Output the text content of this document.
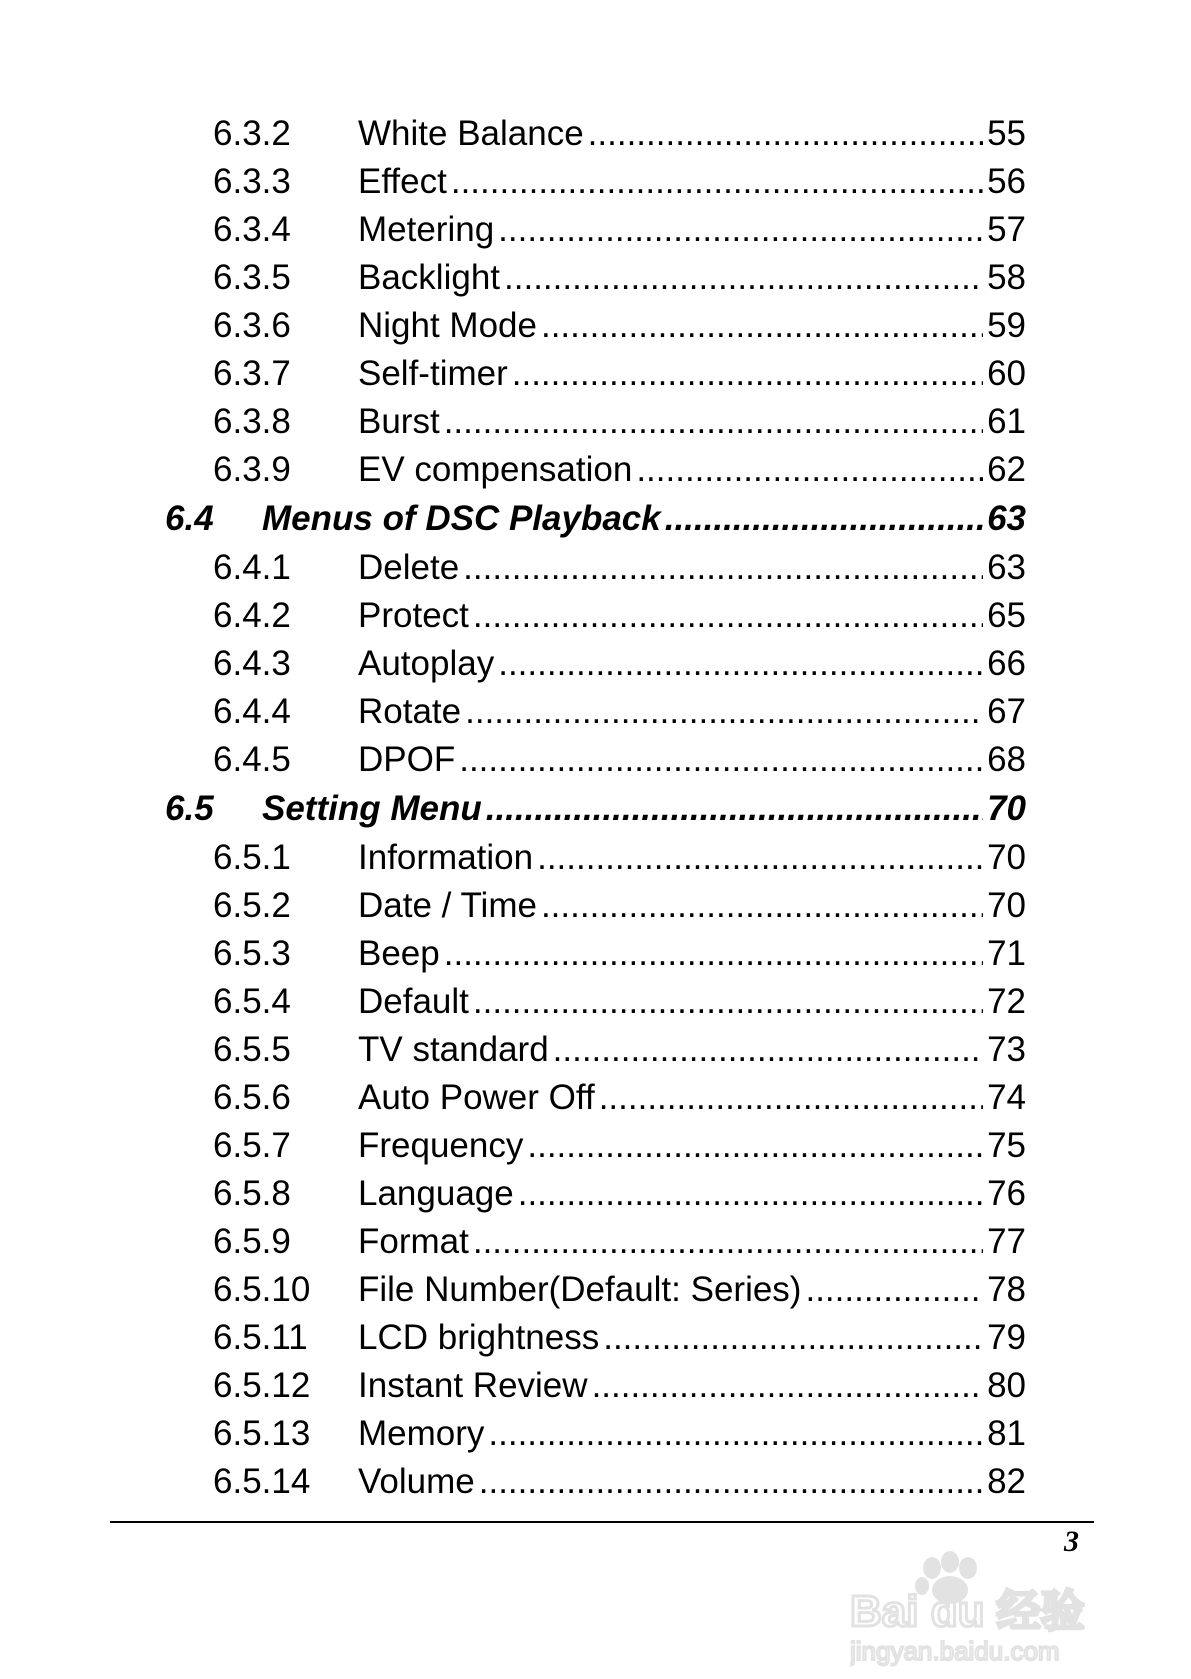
6.3.2 White Balance .....	55
6.3.3 Effect .....	56
6.3.4 Metering .....	57
6.3.5 Backlight .....	58
6.3.6 Night Mode .....	59
6.3.7 Self-timer .....	60
6.3.8 Burst .....	61
6.3.9 EV compensation .....	62
6.4 Menus of DSC Playback .....	63
6.4.1 Delete .....	63
6.4.2 Protect .....	65
6.4.3 Autoplay .....	66
6.4.4 Rotate .....	67
6.4.5 DPOF .....	68
6.5 Setting Menu .....	70
6.5.1 Information .....	70
6.5.2 Date / Time .....	70
6.5.3 Beep .....	71
6.5.4 Default .....	72
6.5.5 TV standard .....	73
6.5.6 Auto Power Off .....	74
6.5.7 Frequency .....	75
6.5.8 Language .....	76
6.5.9 Format .....	77
6.5.10 File Number(Default: Series) .....	78
6.5.11 LCD brightness .....	79
6.5.12 Instant Review .....	80
6.5.13 Memory .....	81
6.5.14 Volume .....	82
3
Bai du 经验
jingyan.baidu.com
